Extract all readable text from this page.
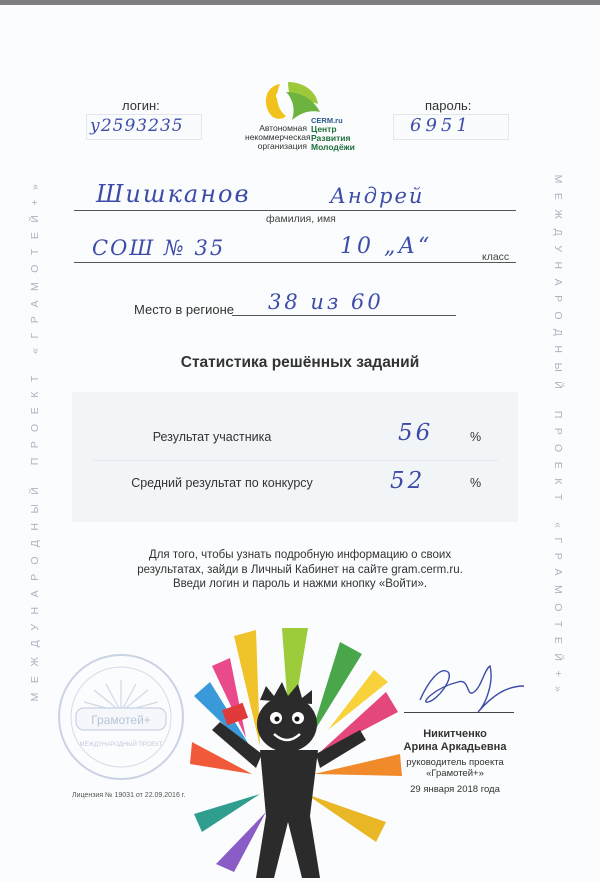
МЕЖДУНАРОДНЫЙ ПРОЕКТ «ГРАМОТЕЙ+»	МЕЖДУНАРОДНЫЙ ПРОЕКТ «ГРАМОТЕЙ+»
логин:
у2593235
пароль:
6951
Автономная
некоммерческая
организация
CERM.ru
Центр
Развития
Молодёжи
Шишканов	Андрей
фамилия, имя
СОШ № 35	10 „А“	класс
Место в регионе 38 из 60
Статистика решённых заданий
Результат участника	56	%
Средний результат по конкурсу	52	%
Для того, чтобы узнать подробную информацию о своих
результатах, зайди в Личный Кабинет на сайте gram.cerm.ru.
Введи логин и пароль и нажми кнопку «Войти».
Грамотей+
МЕЖДУНАРОДНЫЙ ПРОЕКТ
Лицензия № 19031 от 22.09.2016 г.
Никитченко
Арина Аркадьевна
руководитель проекта
«Грамотей+»
29 января 2018 года
